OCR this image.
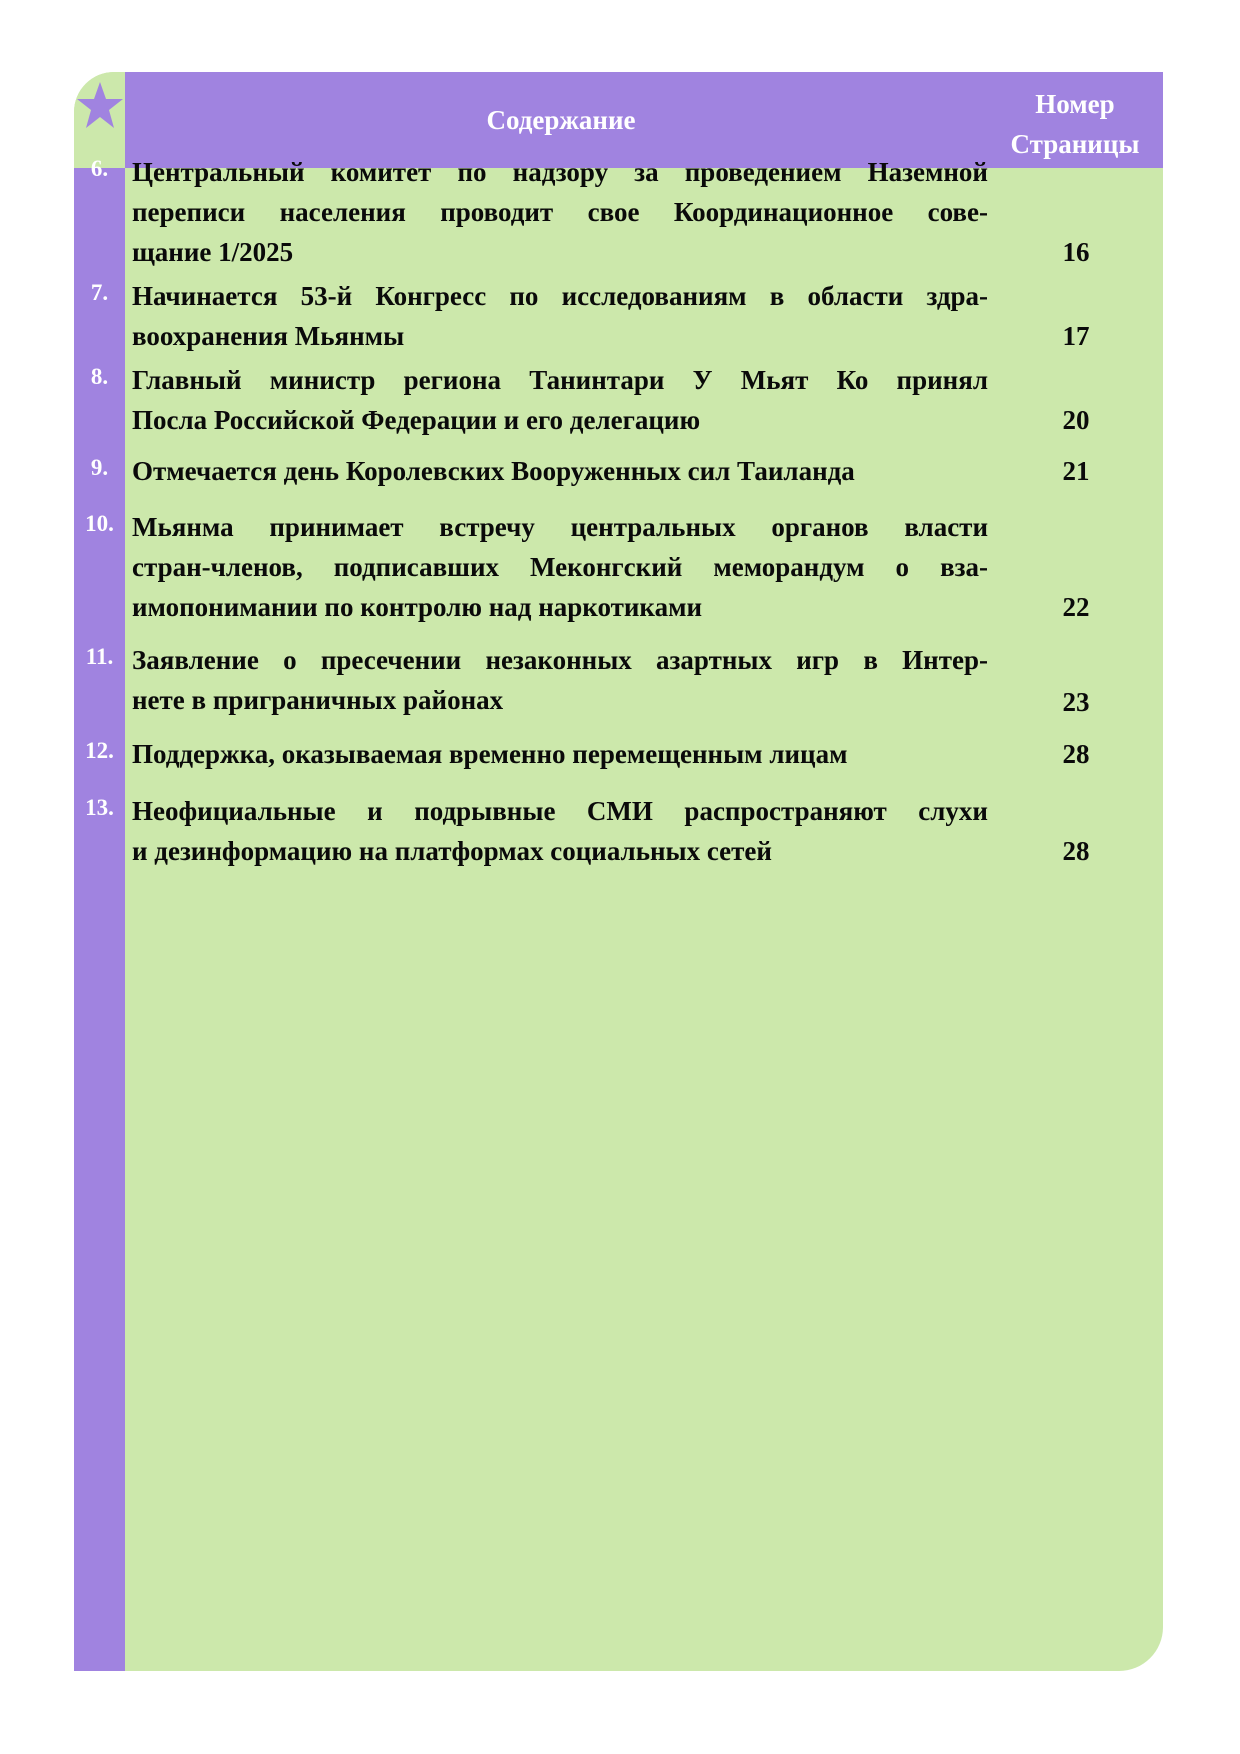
Содержание
Номер
Страницы
6. Центральный комитет по надзору за проведением Наземной
переписи населения проводит свое Координационное сове-
щание 1/2025	16
7. Начинается 53-й Конгресс по исследованиям в области здра-
воохранения Мьянмы	17
8. Главный министр региона Танинтари У Мьят Ко принял
Посла Российской Федерации и его делегацию	20
9. Отмечается день Королевских Вооруженных сил Таиланда	21
10. Мьянма принимает встречу центральных органов власти
стран-членов, подписавших Меконгский меморандум о вза-
имопонимании по контролю над наркотиками	22
11. Заявление о пресечении незаконных азартных игр в Интер-
нете в приграничных районах	23
12. Поддержка, оказываемая временно перемещенным лицам	28
13. Неофициальные и подрывные СМИ распространяют слухи
и дезинформацию на платформах социальных сетей	28
